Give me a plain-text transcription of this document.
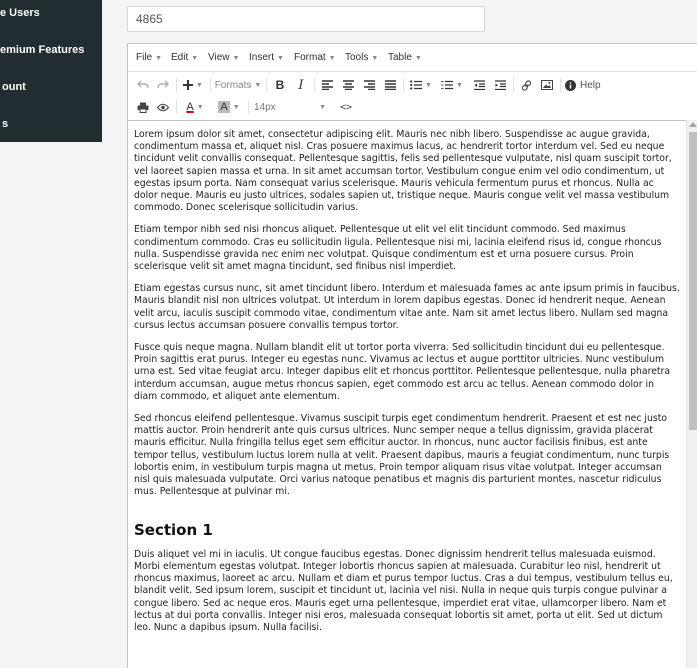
e Users
emium Features
ount
s
4865
File ▼ Edit ▼ View ▼ Insert ▼ Format ▼ Tools ▼ Table ▼
▼ Formats ▼ B I	▼	▼	Help
A ▼ A ▼ 14px	▼ <>

Lorem ipsum dolor sit amet, consectetur adipiscing elit. Mauris nec nibh libero. Suspendisse ac augue gravida, condimentum massa et, aliquet nisl. Cras posuere maximus lacus, ac hendrerit tortor interdum vel. Sed eu neque tincidunt velit convallis consequat. Pellentesque sagittis, felis sed pellentesque vulputate, nisl quam suscipit tortor, vel laoreet sapien massa et urna. In sit amet accumsan tortor. Vestibulum congue enim vel odio condimentum, ut egestas ipsum porta. Nam consequat varius scelerisque. Mauris vehicula fermentum purus et rhoncus. Nulla ac dolor neque. Mauris eu justo ultrices, sodales sapien ut, tristique neque. Mauris congue velit vel massa vestibulum commodo. Donec scelerisque sollicitudin varius.

Etiam tempor nibh sed nisi rhoncus aliquet. Pellentesque ut elit vel elit tincidunt commodo. Sed maximus condimentum commodo. Cras eu sollicitudin ligula. Pellentesque nisi mi, lacinia eleifend risus id, congue rhoncus nulla. Suspendisse gravida nec enim nec volutpat. Quisque condimentum est et urna posuere cursus. Proin scelerisque velit sit amet magna tincidunt, sed finibus nisl imperdiet.

Etiam egestas cursus nunc, sit amet tincidunt libero. Interdum et malesuada fames ac ante ipsum primis in faucibus. Mauris blandit nisl non ultrices volutpat. Ut interdum in lorem dapibus egestas. Donec id hendrerit neque. Aenean velit arcu, iaculis suscipit commodo vitae, condimentum vitae ante. Nam sit amet lectus libero. Nullam sed magna cursus lectus accumsan posuere convallis tempus tortor.

Fusce quis neque magna. Nullam blandit elit ut tortor porta viverra. Sed sollicitudin tincidunt dui eu pellentesque. Proin sagittis erat purus. Integer eu egestas nunc. Vivamus ac lectus et augue porttitor ultricies. Nunc vestibulum urna est. Sed vitae feugiat arcu. Integer dapibus elit et rhoncus porttitor. Pellentesque pellentesque, nulla pharetra interdum accumsan, augue metus rhoncus sapien, eget commodo est arcu ac tellus. Aenean commodo dolor in diam commodo, et aliquet ante elementum.

Sed rhoncus eleifend pellentesque. Vivamus suscipit turpis eget condimentum hendrerit. Praesent et est nec justo mattis auctor. Proin hendrerit ante quis cursus ultrices. Nunc semper neque a tellus dignissim, gravida placerat mauris efficitur. Nulla fringilla tellus eget sem efficitur auctor. In rhoncus, nunc auctor facilisis finibus, est ante tempor tellus, vestibulum luctus lorem nulla at velit. Praesent dapibus, mauris a feugiat condimentum, nunc turpis lobortis enim, in vestibulum turpis magna ut metus. Proin tempor aliquam risus vitae volutpat. Integer accumsan nisl quis malesuada vulputate. Orci varius natoque penatibus et magnis dis parturient montes, nascetur ridiculus mus. Pellentesque at pulvinar mi.

Section 1

Duis aliquet vel mi in iaculis. Ut congue faucibus egestas. Donec dignissim hendrerit tellus malesuada euismod. Morbi elementum egestas volutpat. Integer lobortis rhoncus sapien at malesuada. Curabitur leo nisl, hendrerit ut rhoncus maximus, laoreet ac arcu. Nullam et diam et purus tempor luctus. Cras a dui tempus, vestibulum tellus eu, blandit velit. Sed ipsum lorem, suscipit et tincidunt ut, lacinia vel nisi. Nulla in neque quis turpis congue pulvinar a congue libero. Sed ac neque eros. Mauris eget urna pellentesque, imperdiet erat vitae, ullamcorper libero. Nam et lectus at dui porta convallis. Integer nisi eros, malesuada consequat lobortis sit amet, porta ut elit. Sed ut dictum leo. Nunc a dapibus ipsum. Nulla facilisi.
